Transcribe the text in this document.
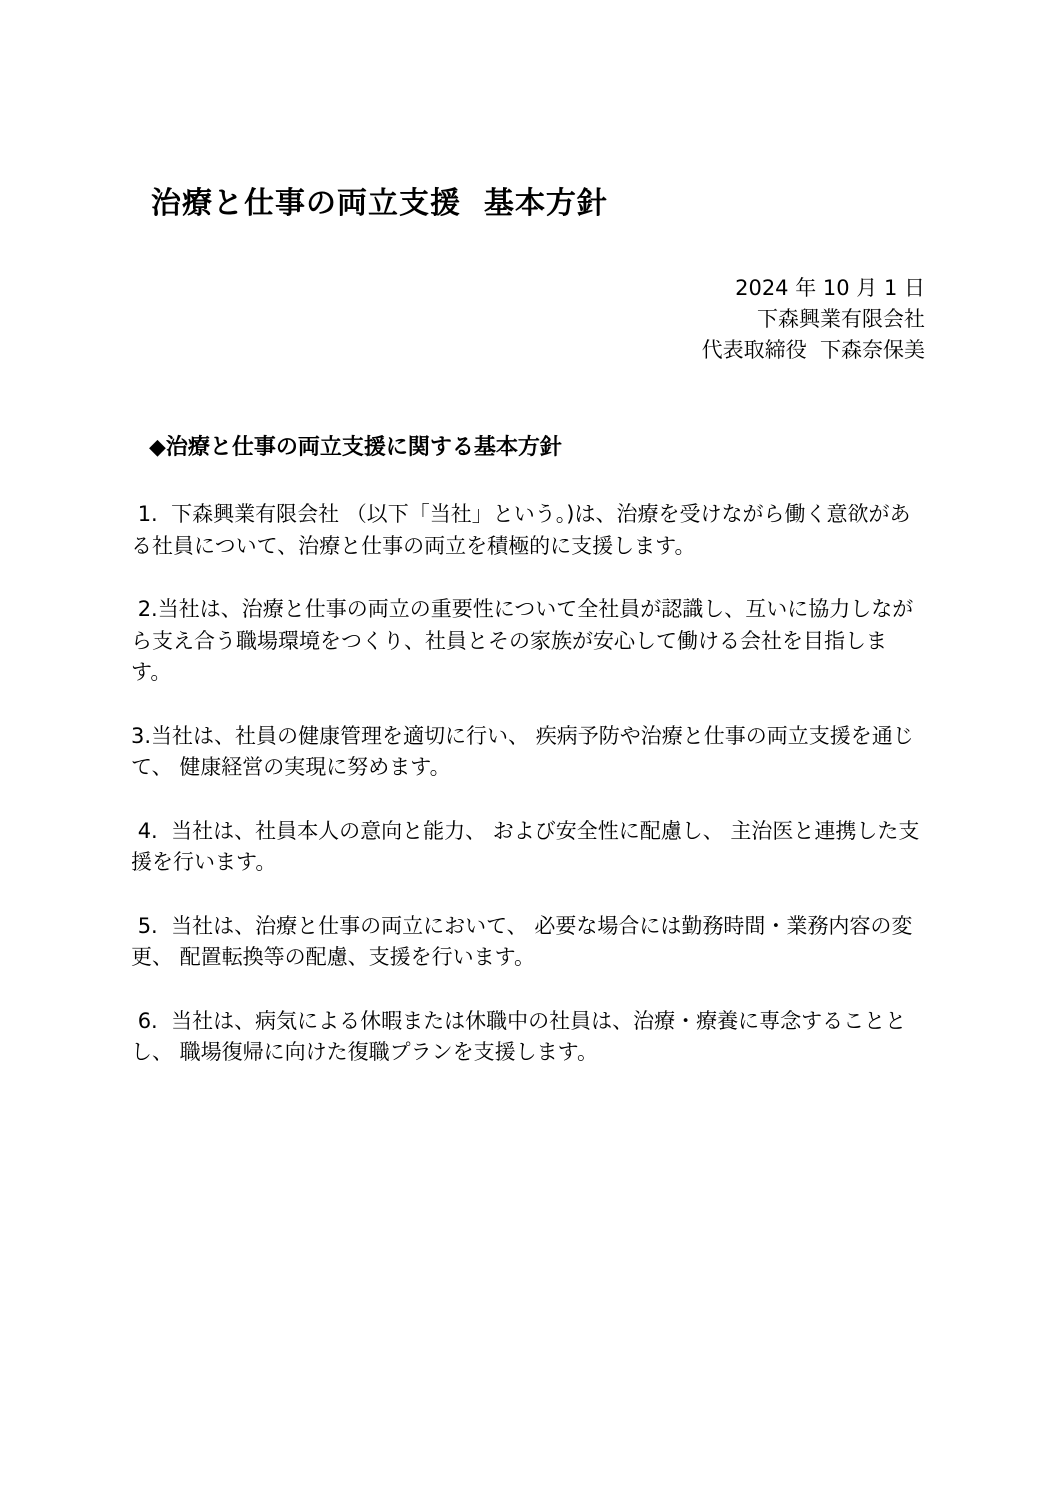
治療と仕事の両立支援  基本方針
2024 年 10 月 1 日
下森興業有限会社
代表取締役  下森奈保美
◆治療と仕事の両立支援に関する基本方針

1.  下森興業有限会社 （以下「当社」という。)は、治療を受けながら働く意欲がある社員について、治療と仕事の両立を積極的に支援します。

2.当社は、治療と仕事の両立の重要性について全社員が認識し、互いに協力しながら支え合う職場環境をつくり、社員とその家族が安心して働ける会社を目指します。

3.当社は、社員の健康管理を適切に行い、 疾病予防や治療と仕事の両立支援を通じて、 健康経営の実現に努めます。

4.  当社は、社員本人の意向と能力、 および安全性に配慮し、 主治医と連携した支援を行います。

5.  当社は、治療と仕事の両立において、 必要な場合には勤務時間・業務内容の変更、 配置転換等の配慮、支援を行います。

6.  当社は、病気による休暇または休職中の社員は、治療・療養に専念することとし、 職場復帰に向けた復職プランを支援します。
